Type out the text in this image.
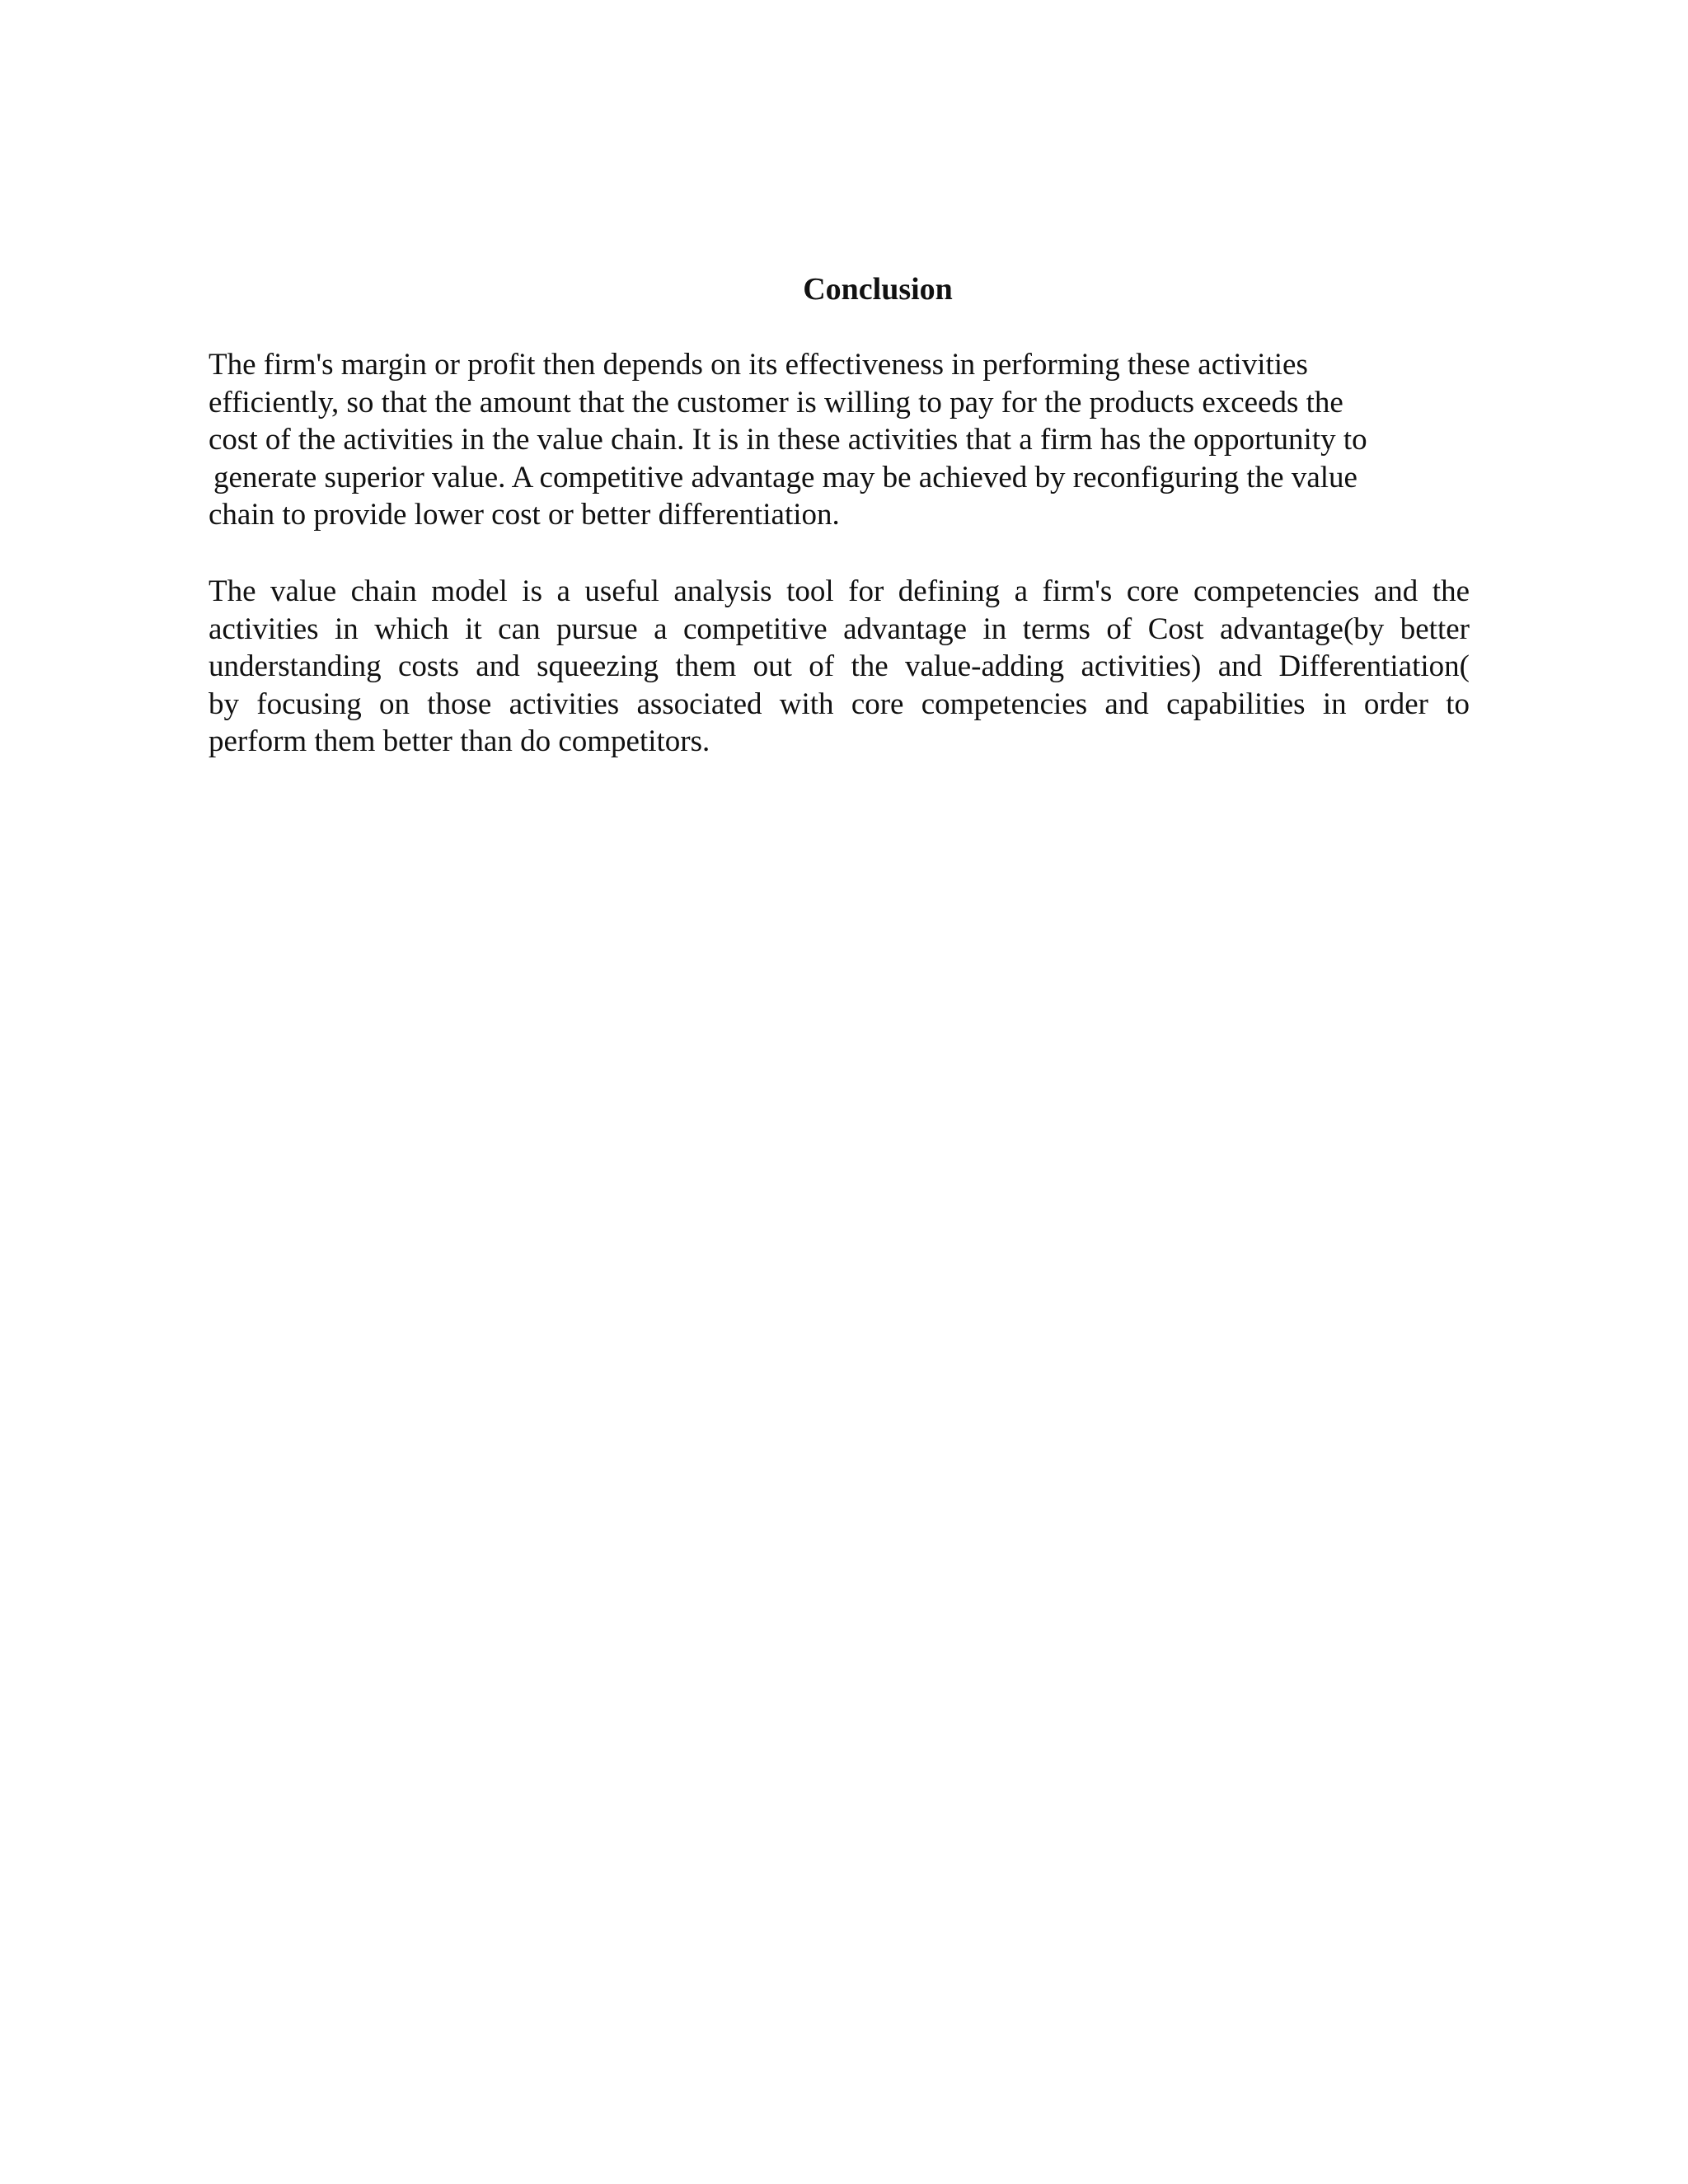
Conclusion
The firm's margin or profit then depends on its effectiveness in performing these activities
efficiently, so that the amount that the customer is willing to pay for the products exceeds the
cost of the activities in the value chain. It is in these activities that a firm has the opportunity to
generate superior value. A competitive advantage may be achieved by reconfiguring the value
chain to provide lower cost or better differentiation.
The value chain model is a useful analysis tool for defining a firm's core competencies and the
activities in which it can pursue a competitive advantage in terms of Cost advantage(by better
understanding costs and squeezing them out of the value-adding activities) and Differentiation(
by focusing on those activities associated with core competencies and capabilities in order to
perform them better than do competitors.
